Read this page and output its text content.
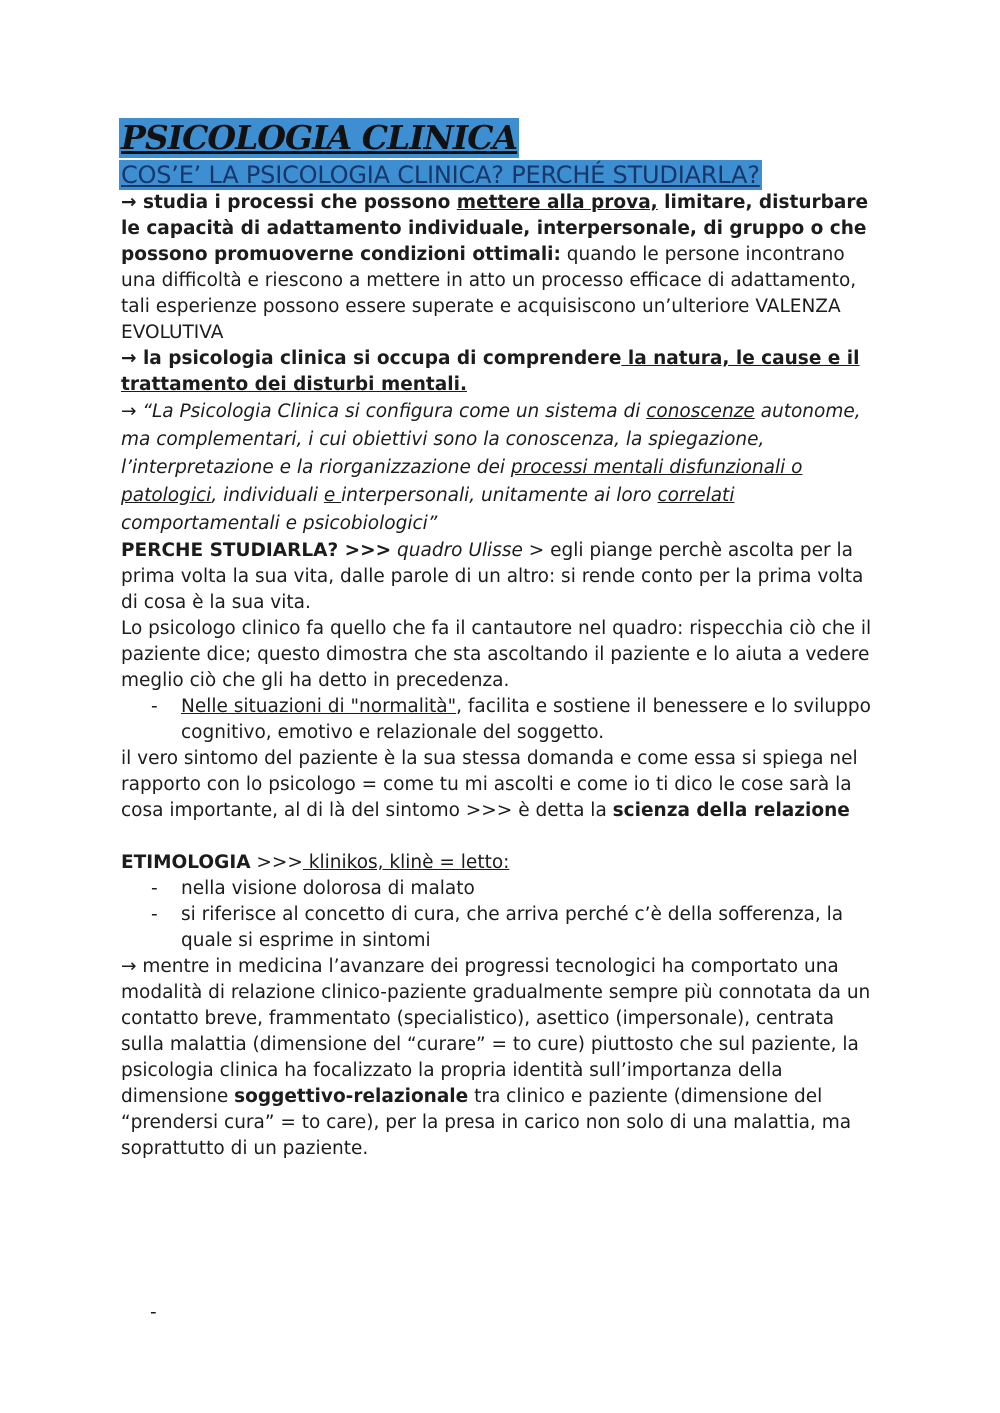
PSICOLOGIA CLINICA
COS’E’ LA PSICOLOGIA CLINICA? PERCHÉ STUDIARLA?

→ studia i processi che possono mettere alla prova, limitare, disturbare le capacità di adattamento individuale, interpersonale, di gruppo o che possono promuoverne condizioni ottimali: quando le persone incontrano una difficoltà e riescono a mettere in atto un processo efficace di adattamento, tali esperienze possono essere superate e acquisiscono un’ulteriore VALENZA EVOLUTIVA

→ la psicologia clinica si occupa di comprendere la natura, le cause e il trattamento dei disturbi mentali.

→ “La Psicologia Clinica si configura come un sistema di conoscenze autonome, ma complementari, i cui obiettivi sono la conoscenza, la spiegazione, l’interpretazione e la riorganizzazione dei processi mentali disfunzionali o patologici, individuali e interpersonali, unitamente ai loro correlati comportamentali e psicobiologici”

PERCHE STUDIARLA? >>> quadro Ulisse > egli piange perchè ascolta per la prima volta la sua vita, dalle parole di un altro: si rende conto per la prima volta di cosa è la sua vita.

Lo psicologo clinico fa quello che fa il cantautore nel quadro: rispecchia ciò che il paziente dice; questo dimostra che sta ascoltando il paziente e lo aiuta a vedere meglio ciò che gli ha detto in precedenza.

- Nelle situazioni di "normalità", facilita e sostiene il benessere e lo sviluppo cognitivo, emotivo e relazionale del soggetto.

il vero sintomo del paziente è la sua stessa domanda e come essa si spiega nel rapporto con lo psicologo = come tu mi ascolti e come io ti dico le cose sarà la cosa importante, al di là del sintomo >>> è detta la scienza della relazione

ETIMOLOGIA >>> klinikos, klinè = letto:

- nella visione dolorosa di malato

- si riferisce al concetto di cura, che arriva perché c’è della sofferenza, la quale si esprime in sintomi

→ mentre in medicina l’avanzare dei progressi tecnologici ha comportato una modalità di relazione clinico-paziente gradualmente sempre più connotata da un contatto breve, frammentato (specialistico), asettico (impersonale), centrata sulla malattia (dimensione del “curare” = to cure) piuttosto che sul paziente, la psicologia clinica ha focalizzato la propria identità sull’importanza della dimensione soggettivo-relazionale tra clinico e paziente (dimensione del “prendersi cura” = to care), per la presa in carico non solo di una malattia, ma soprattutto di un paziente.

-
